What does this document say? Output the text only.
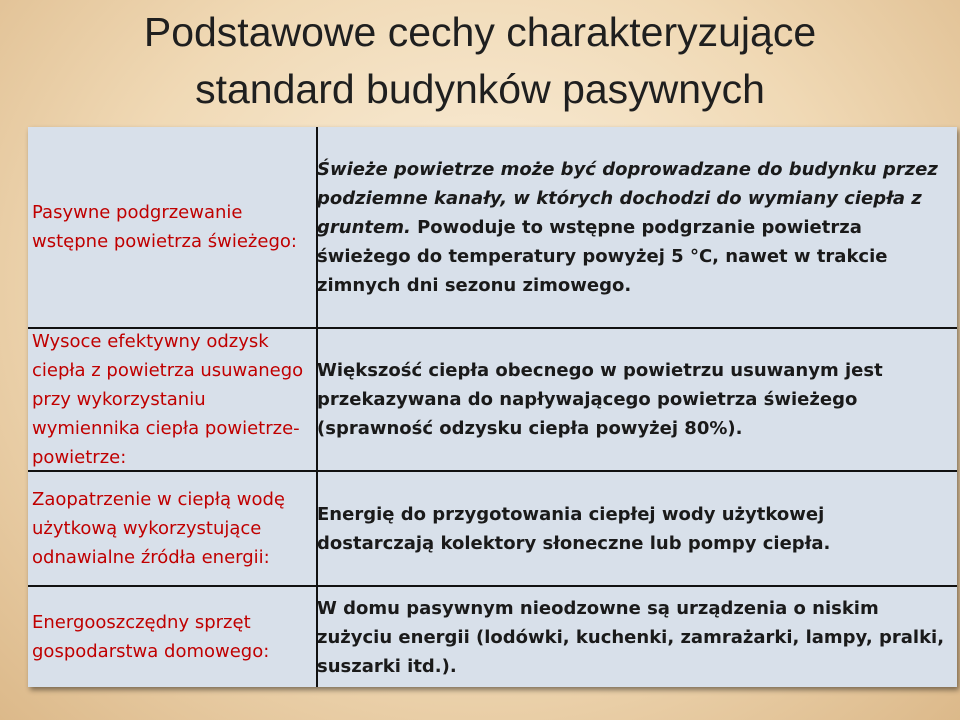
Podstawowe cechy charakteryzujące
standard budynków pasywnych
Pasywne podgrzewanie wstępne powietrza świeżego:
Świeże powietrze może być doprowadzane do budynku przez podziemne kanały, w których dochodzi do wymiany ciepła z gruntem. Powoduje to wstępne podgrzanie powietrza świeżego do temperatury powyżej 5 °C, nawet w trakcie zimnych dni sezonu zimowego.
Wysoce efektywny odzysk ciepła z powietrza usuwanego przy wykorzystaniu wymiennika ciepła powietrze-powietrze:
Większość ciepła obecnego w powietrzu usuwanym jest przekazywana do napływającego powietrza świeżego (sprawność odzysku ciepła powyżej 80%).
Zaopatrzenie w ciepłą wodę użytkową wykorzystujące odnawialne źródła energii:
Energię do przygotowania ciepłej wody użytkowej dostarczają kolektory słoneczne lub pompy ciepła.
Energooszczędny sprzęt gospodarstwa domowego:
W domu pasywnym nieodzowne są urządzenia o niskim zużyciu energii (lodówki, kuchenki, zamrażarki, lampy, pralki, suszarki itd.).
